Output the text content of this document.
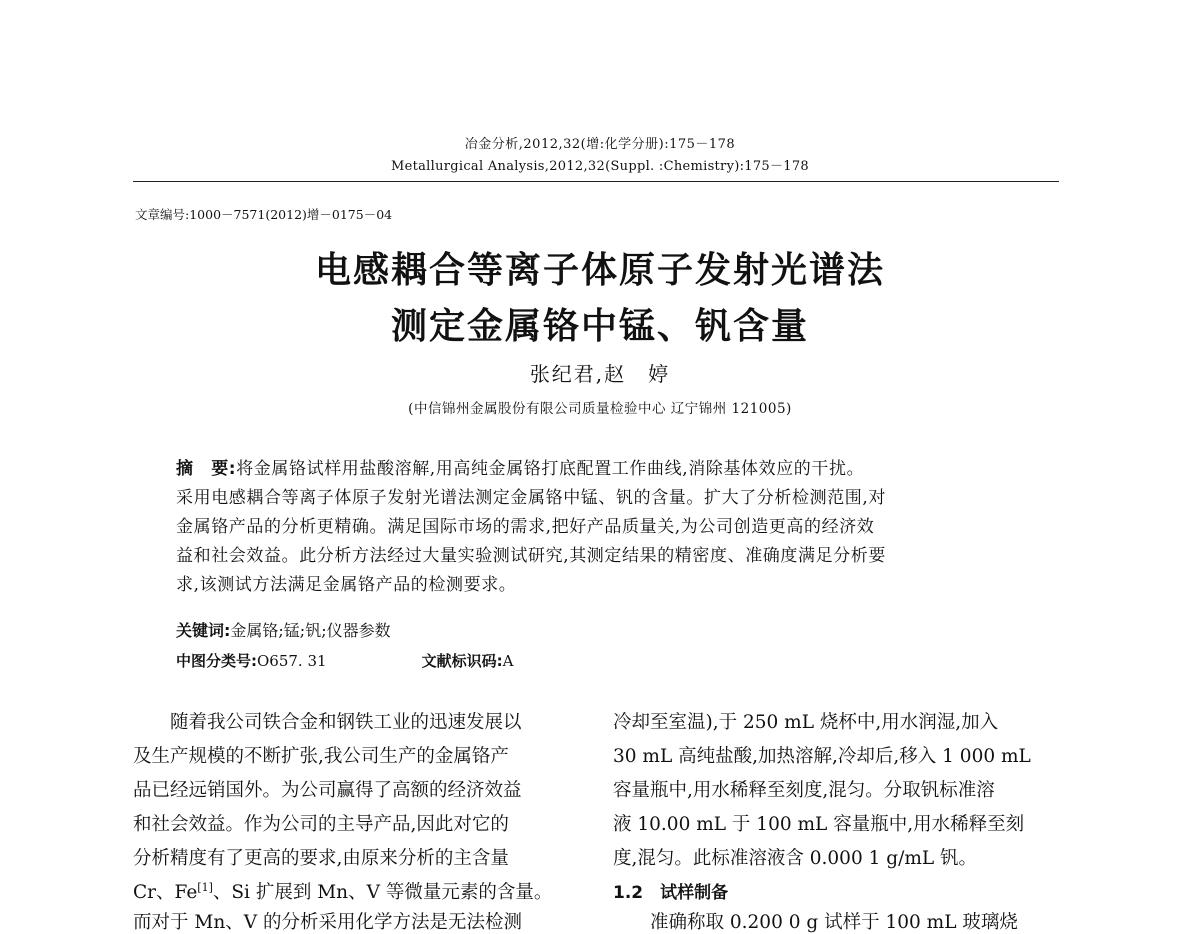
冶金分析,2012,32(增:化学分册):175－178
Metallurgical Analysis,2012,32(Suppl. :Chemistry):175－178
文章编号:1000－7571(2012)增－0175－04
电感耦合等离子体原子发射光谱法
测定金属铬中锰、钒含量
张纪君,赵　婷
(中信锦州金属股份有限公司质量检验中心 辽宁锦州 121005)
摘　要:将金属铬试样用盐酸溶解,用高纯金属铬打底配置工作曲线,消除基体效应的干扰。
采用电感耦合等离子体原子发射光谱法测定金属铬中锰、钒的含量。扩大了分析检测范围,对
金属铬产品的分析更精确。满足国际市场的需求,把好产品质量关,为公司创造更高的经济效
益和社会效益。此分析方法经过大量实验测试研究,其测定结果的精密度、准确度满足分析要
求,该测试方法满足金属铬产品的检测要求。
关键词:金属铬;锰;钒;仪器参数
中图分类号:O657. 31	文献标识码:A
　　随着我公司铁合金和钢铁工业的迅速发展以
及生产规模的不断扩张,我公司生产的金属铬产
品已经远销国外。为公司赢得了高额的经济效益
和社会效益。作为公司的主导产品,因此对它的
分析精度有了更高的要求,由原来分析的主含量
Cr、Fe[1]、Si 扩展到 Mn、V 等微量元素的含量。
而对于 Mn、V 的分析采用化学方法是无法检测
冷却至室温),于 250 mL 烧杯中,用水润湿,加入
30 mL 高纯盐酸,加热溶解,冷却后,移入 1 000 mL
容量瓶中,用水稀释至刻度,混匀。分取钒标准溶
液 10.00 mL 于 100 mL 容量瓶中,用水稀释至刻
度,混匀。此标准溶液含 0.000 1 g/mL 钒。
1.2　试样制备
　　准确称取 0.200 0 g 试样于 100 mL 玻璃烧
